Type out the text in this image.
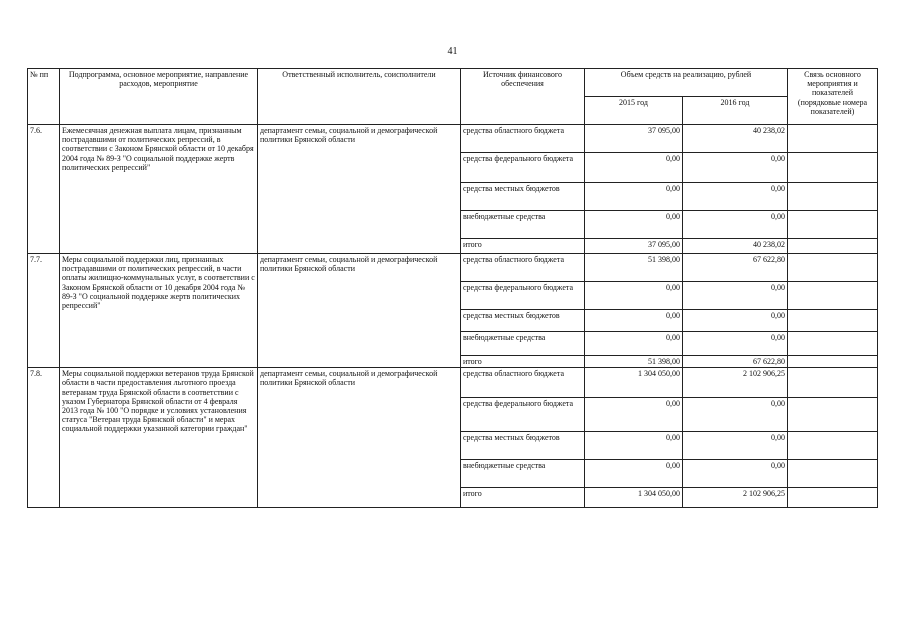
41
№ пп	Подпрограмма, основное мероприятие, направление расходов, мероприятие	Ответственный исполнитель, соисполнители	Источник финансового обеспечения	Объем средств на реализацию, рублей		Связь основного мероприятия и показателей (порядковые номера показателей)
				2015 год	2016 год	
7.6.	Ежемесячная денежная выплата лицам, признанным пострадавшими от политических репрессий, в соответствии с Законом Брянской области от 10 декабря 2004 года № 89-З "О социальной поддержке жертв политических репрессий"	департамент семьи, социальной и демографической политики Брянской области	средства областного бюджета	37 095,00	40 238,02	
			средства федерального бюджета	0,00	0,00	
			средства местных бюджетов	0,00	0,00	
			внебюджетные средства	0,00	0,00	
			итого	37 095,00	40 238,02	
7.7.	Меры социальной поддержки лиц, признанных пострадавшими от политических репрессий, в части оплаты жилищно-коммунальных услуг, в соответствии с Законом Брянской области от 10 декабря 2004 года № 89-З "О социальной поддержке жертв политических репрессий"	департамент семьи, социальной и демографической политики Брянской области	средства областного бюджета	51 398,00	67 622,80	
			средства федерального бюджета	0,00	0,00	
			средства местных бюджетов	0,00	0,00	
			внебюджетные средства	0,00	0,00	
			итого	51 398,00	67 622,80	
7.8.	Меры социальной поддержки ветеранов труда Брянской области в части предоставления льготного проезда ветеранам труда Брянской области в соответствии с указом Губернатора Брянской области от 4 февраля 2013 года № 100 "О порядке и условиях установления статуса "Ветеран труда Брянской области" и мерах социальной поддержки указанной категории граждан"	департамент семьи, социальной и демографической политики Брянской области	средства областного бюджета	1 304 050,00	2 102 906,25	
			средства федерального бюджета	0,00	0,00	
			средства местных бюджетов	0,00	0,00	
			внебюджетные средства	0,00	0,00	
			итого	1 304 050,00	2 102 906,25	
